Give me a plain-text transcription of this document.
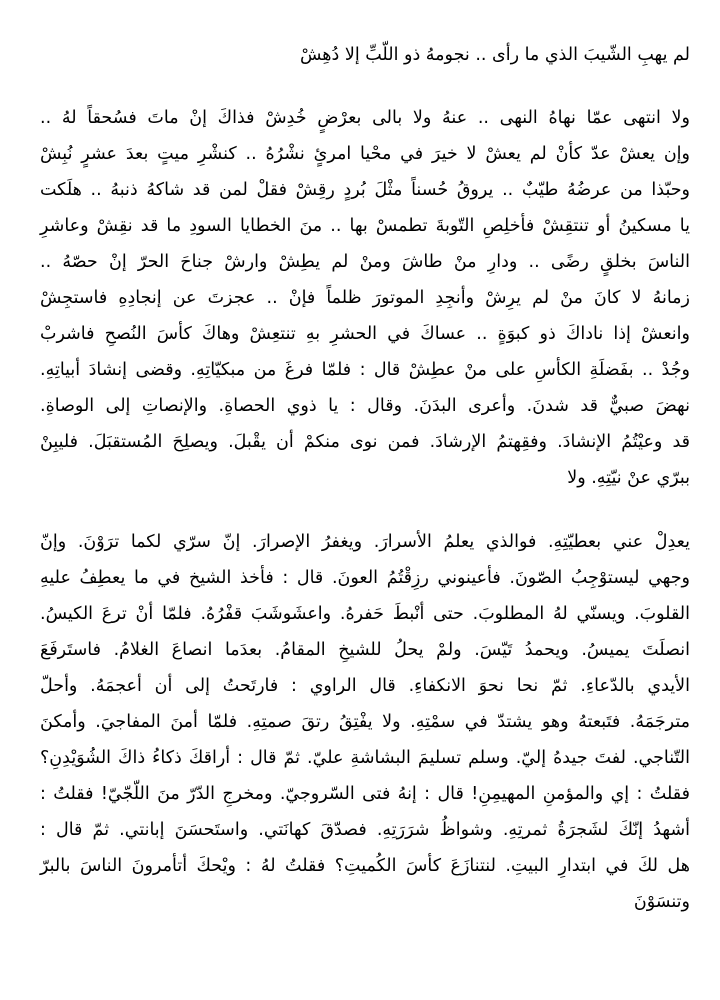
لم يهبِ الشّيبَ الذي ما رأى .. نجومهُ ذو اللّبِّ إلا دُهِشْ
ولا انتهى عمّا نهاهُ النهى .. عنهُ ولا بالى بعرْضٍ خُدِشْ فذاكَ إنْ ماتَ فسُحقاً لهُ ..
وإن يعشْ عدّ كأنْ لم يعشْ لا خيرَ في محْيا امرئٍ نشْرُهُ .. كنشْرِ ميتٍ بعدَ عشرٍ نُبِشْ
وحبّذا من عرضُهُ طيّبٌ .. يروقُ حُسناً مثْلَ بُردٍ رقِشْ فقلْ لمن قد شاكهُ ذنبهُ .. هلَكت
يا مسكينُ أو تنتقِشْ فأخلِصِ التّوبةَ تطمسْ بها .. منَ الخطايا السودِ ما قد نقِشْ وعاشرِ
الناسَ بخلقٍ رضًى .. ودارِ منْ طاشَ ومنْ لم يطِشْ وارشْ جناحَ الحرّ إنْ حصّهُ ..
زمانهُ لا كانَ منْ لم يرِشْ وأنجِدِ الموتورَ ظلماً فإنْ .. عجزتَ عن إنجادِهِ فاستجِشْ
وانعشْ إذا ناداكَ ذو كبوَةٍ .. عساكَ في الحشرِ بهِ تنتعِشْ وهاكَ كأسَ النُصحِ فاشربْ
وجُدْ .. بفَضلَةِ الكأسِ على منْ عطِشْ قال : فلمّا فرغَ من مبكيّاتِهِ. وقضى إنشادَ أبياتِهِ.
نهضَ صبيٌّ قد شدنَ. وأعرى البدَنَ. وقال : يا ذوي الحصاةِ. والإنصاتِ إلى الوصاةِ.
قد وعيْتُمُ الإنشادَ. وفقِهتمُ الإرشادَ. فمن نوى منكمْ أن يقْبلَ. ويصلِحَ المُستقبَلَ. فليبِنْ
ببرّي عنْ نيّتِهِ. ولا
يعدِلْ عني بعطيّتِهِ. فوالذي يعلمُ الأسرارَ. ويغفرُ الإصرارَ. إنّ سرّي لكما ترَوْنَ. وإنّ
وجهي ليستوْجِبُ الصّونَ. فأعينوني رزِقْتُمُ العونَ. قال : فأخذ الشيخ في ما يعطِفُ عليهِ
القلوبَ. ويسنّي لهُ المطلوبَ. حتى أنْبطَ حَفرهُ. واعشَوشَبَ قفْرُهُ. فلمّا أنْ ترعَ الكيسُ.
انصلَتَ يميسُ. ويحمدُ تَيّسَ. ولمْ يحلُ للشيخِ المقامُ. بعدَما انصاعَ الغلامُ. فاستَرفَعَ
الأيدي بالدّعاءِ. ثمّ نحا نحوَ الانكفاءِ. قال الراوي : فارتَحتُ إلى أن أعجمَهُ. وأحلّ
مترجَمَهُ. فتَبعتهُ وهو يشتدّ في سمْتِهِ. ولا يفْتِقُ رتقَ صمتِهِ. فلمّا أمنَ المفاجيَ. وأمكنَ
التّناجي. لفتَ جيدهُ إليّ. وسلم تسليمَ البشاشةِ عليّ. ثمّ قال : أراقكَ ذكاءُ ذاكَ الشُوَيْدِنِ؟
فقلتُ : إي والمؤمنِ المهيمِنِ! قال : إنهُ فتى السّروجيّ. ومخرجِ الدّرّ منَ اللّجّيّ! فقلتُ :
أشهدُ إنّكَ لشَجرَةُ ثمرتِهِ. وشواظُ شرَرَتِهِ. فصدّقَ كهانَتي. واستَحسَنَ إبانتي. ثمّ قال :
هل لكَ في ابتدارِ البيتِ. لنتنازَعَ كأسَ الكُميتِ؟ فقلتُ لهُ : ويْحكَ أتأمرونَ الناسَ بالبرّ
وتنسَوْنَ
